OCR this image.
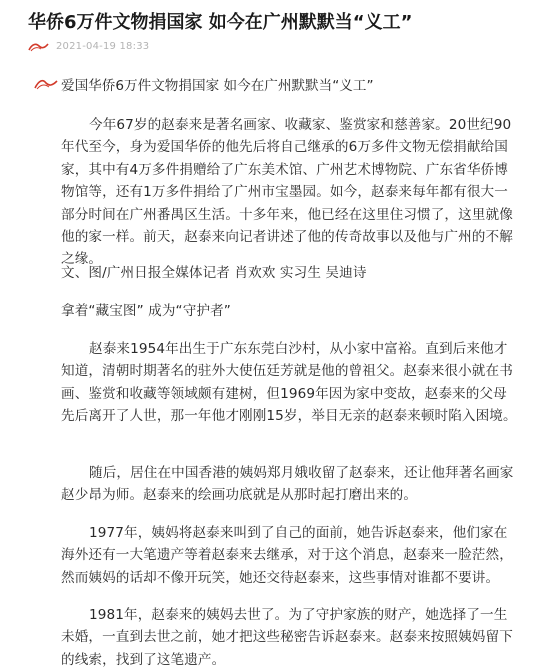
华侨6万件文物捐国家 如今在广州默默当“义工”
2021-04-19 18:33
爱国华侨6万件文物捐国家 如今在广州默默当“义工”

今年67岁的赵泰来是著名画家、收藏家、鉴赏家和慈善家。20世纪90年代至今，身为爱国华侨的他先后将自己继承的6万多件文物无偿捐献给国家，其中有4万多件捐赠给了广东美术馆、广州艺术博物院、广东省华侨博物馆等，还有1万多件捐给了广州市宝墨园。如今，赵泰来每年都有很大一部分时间在广州番禺区生活。十多年来，他已经在这里住习惯了，这里就像他的家一样。前天，赵泰来向记者讲述了他的传奇故事以及他与广州的不解之缘。

文、图/广州日报全媒体记者 肖欢欢 实习生 吴迪诗

拿着“藏宝图” 成为“守护者”

赵泰来1954年出生于广东东莞白沙村，从小家中富裕。直到后来他才知道，清朝时期著名的驻外大使伍廷芳就是他的曾祖父。赵泰来很小就在书画、鉴赏和收藏等领域颇有建树，但1969年因为家中变故，赵泰来的父母先后离开了人世，那一年他才刚刚15岁，举目无亲的赵泰来顿时陷入困境。

随后，居住在中国香港的姨妈郑月娥收留了赵泰来，还让他拜著名画家赵少昂为师。赵泰来的绘画功底就是从那时起打磨出来的。

1977年，姨妈将赵泰来叫到了自己的面前，她告诉赵泰来，他们家在海外还有一大笔遗产等着赵泰来去继承，对于这个消息，赵泰来一脸茫然，然而姨妈的话却不像开玩笑，她还交待赵泰来，这些事情对谁都不要讲。

1981年，赵泰来的姨妈去世了。为了守护家族的财产，她选择了一生未婚，一直到去世之前，她才把这些秘密告诉赵泰来。赵泰来按照姨妈留下的线索，找到了这笔遗产。
